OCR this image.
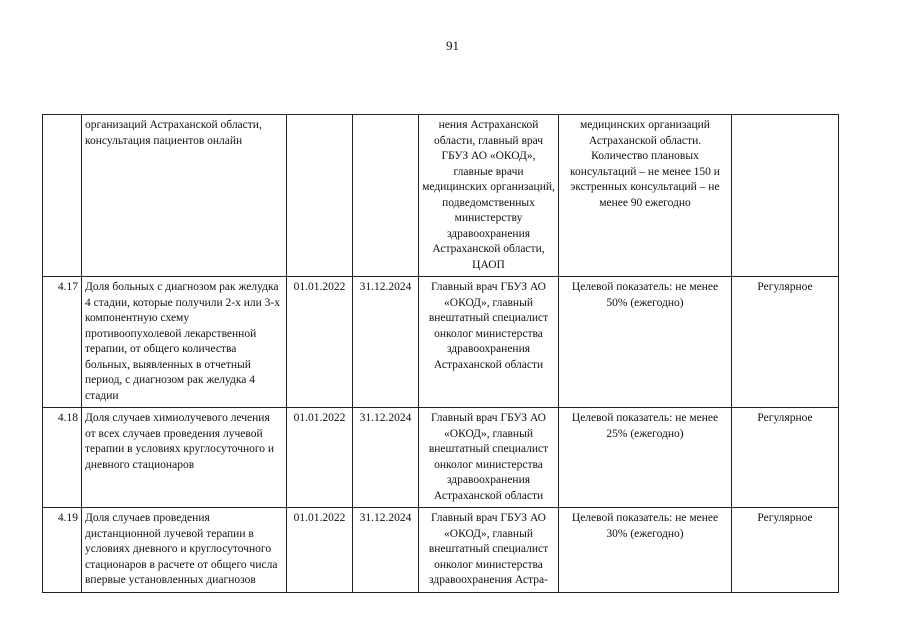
91
	организаций Астраханской области, консультация пациентов онлайн			нения Астраханской области, главный врач ГБУЗ АО «ОКОД», главные врачи медицинских организаций, подведомственных министерству здравоохранения Астраханской области, ЦАОП	медицинских организаций Астраханской области. Количество плановых консультаций – не менее 150 и экстренных консультаций – не менее 90 ежегодно	
4.17	Доля больных с диагнозом рак желудка 4 стадии, которые получили 2-х или 3-х компонентную схему противоопухолевой лекарственной терапии, от общего количества больных, выявленных в отчетный период, с диагнозом рак желудка 4 стадии	01.01.2022	31.12.2024	Главный врач ГБУЗ АО «ОКОД», главный внештатный специалист онколог министерства здравоохранения Астраханской области	Целевой показатель: не менее 50% (ежегодно)	Регулярное
4.18	Доля случаев химиолучевого лечения от всех случаев проведения лучевой терапии в условиях круглосуточного и дневного стационаров	01.01.2022	31.12.2024	Главный врач ГБУЗ АО «ОКОД», главный внештатный специалист онколог министерства здравоохранения Астраханской области	Целевой показатель: не менее 25% (ежегодно)	Регулярное
4.19	Доля случаев проведения дистанционной лучевой терапии в условиях дневного и круглосуточного стационаров в расчете от общего числа впервые установленных диагнозов	01.01.2022	31.12.2024	Главный врач ГБУЗ АО «ОКОД», главный внештатный специалист онколог министерства здравоохранения Астра-	Целевой показатель: не менее 30% (ежегодно)	Регулярное
